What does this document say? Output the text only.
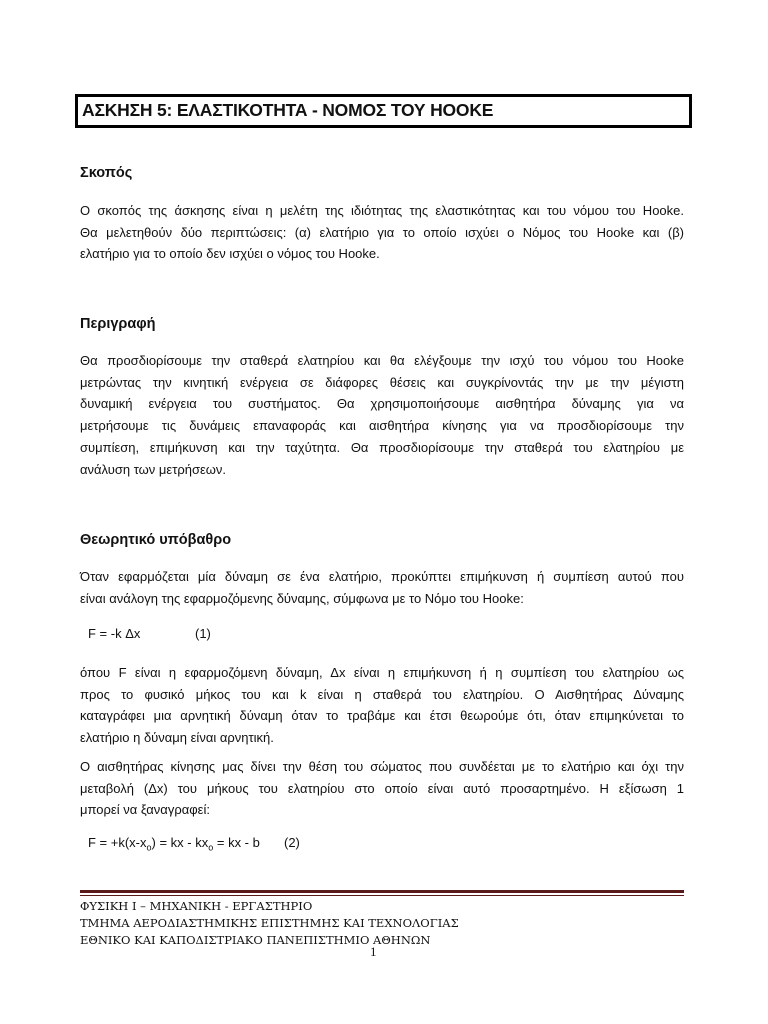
ΑΣΚΗΣΗ 5: ΕΛΑΣΤΙΚΟΤΗΤΑ - ΝΟΜΟΣ ΤΟΥ HOOKE
Σκοπός
Ο σκοπός της άσκησης είναι η μελέτη της ιδιότητας της ελαστικότητας και του νόμου του Hooke.
Θα μελετηθούν δύο περιπτώσεις: (α) ελατήριο για το οποίο ισχύει ο Νόμος του Hooke και (β)
ελατήριο για το οποίο δεν ισχύει ο νόμος του Hooke.
Περιγραφή
Θα προσδιορίσουμε την σταθερά ελατηρίου και θα ελέγξουμε την ισχύ του νόμου του Hooke
μετρώντας την κινητική ενέργεια σε διάφορες θέσεις και συγκρίνοντάς την με την μέγιστη
δυναμική ενέργεια του συστήματος. Θα χρησιμοποιήσουμε αισθητήρα δύναμης για να
μετρήσουμε τις δυνάμεις επαναφοράς και αισθητήρα κίνησης για να προσδιορίσουμε την
συμπίεση, επιμήκυνση και την ταχύτητα. Θα προσδιορίσουμε την σταθερά του ελατηρίου με
ανάλυση των μετρήσεων.
Θεωρητικό υπόβαθρο
Όταν εφαρμόζεται μία δύναμη σε ένα ελατήριο, προκύπτει επιμήκυνση ή συμπίεση αυτού που
είναι ανάλογη της εφαρμοζόμενης δύναμης, σύμφωνα με το Νόμο του Hooke:
F = -k Δx	(1)
όπου F είναι η εφαρμοζόμενη δύναμη, Δx είναι η επιμήκυνση ή η συμπίεση του ελατηρίου ως
προς το φυσικό μήκος του και k είναι η σταθερά του ελατηρίου. Ο Αισθητήρας Δύναμης
καταγράφει μια αρνητική δύναμη όταν το τραβάμε και έτσι θεωρούμε ότι, όταν επιμηκύνεται το
ελατήριο η δύναμη είναι αρνητική.
Ο αισθητήρας κίνησης μας δίνει την θέση του σώματος που συνδέεται με το ελατήριο και όχι την
μεταβολή (Δx) του μήκους του ελατηρίου στο οποίο είναι αυτό προσαρτημένο. Η εξίσωση 1
μπορεί να ξαναγραφεί:
$F = +k(x-x_o)$ = kx - $kx_o$ = kx - b (2)
ΦΥΣΙΚΗ Ι – ΜΗΧΑΝΙΚΗ - ΕΡΓΑΣΤΗΡΙΟ
ΤΜΗΜΑ ΑΕΡΟΔΙΑΣΤΗΜΙΚΗΣ ΕΠΙΣΤΗΜΗΣ ΚΑΙ ΤΕΧΝΟΛΟΓΙΑΣ
ΕΘΝΙΚΟ ΚΑΙ ΚΑΠΟΔΙΣΤΡΙΑΚΟ ΠΑΝΕΠΙΣΤΗΜΙΟ ΑΘΗΝΩΝ
1
